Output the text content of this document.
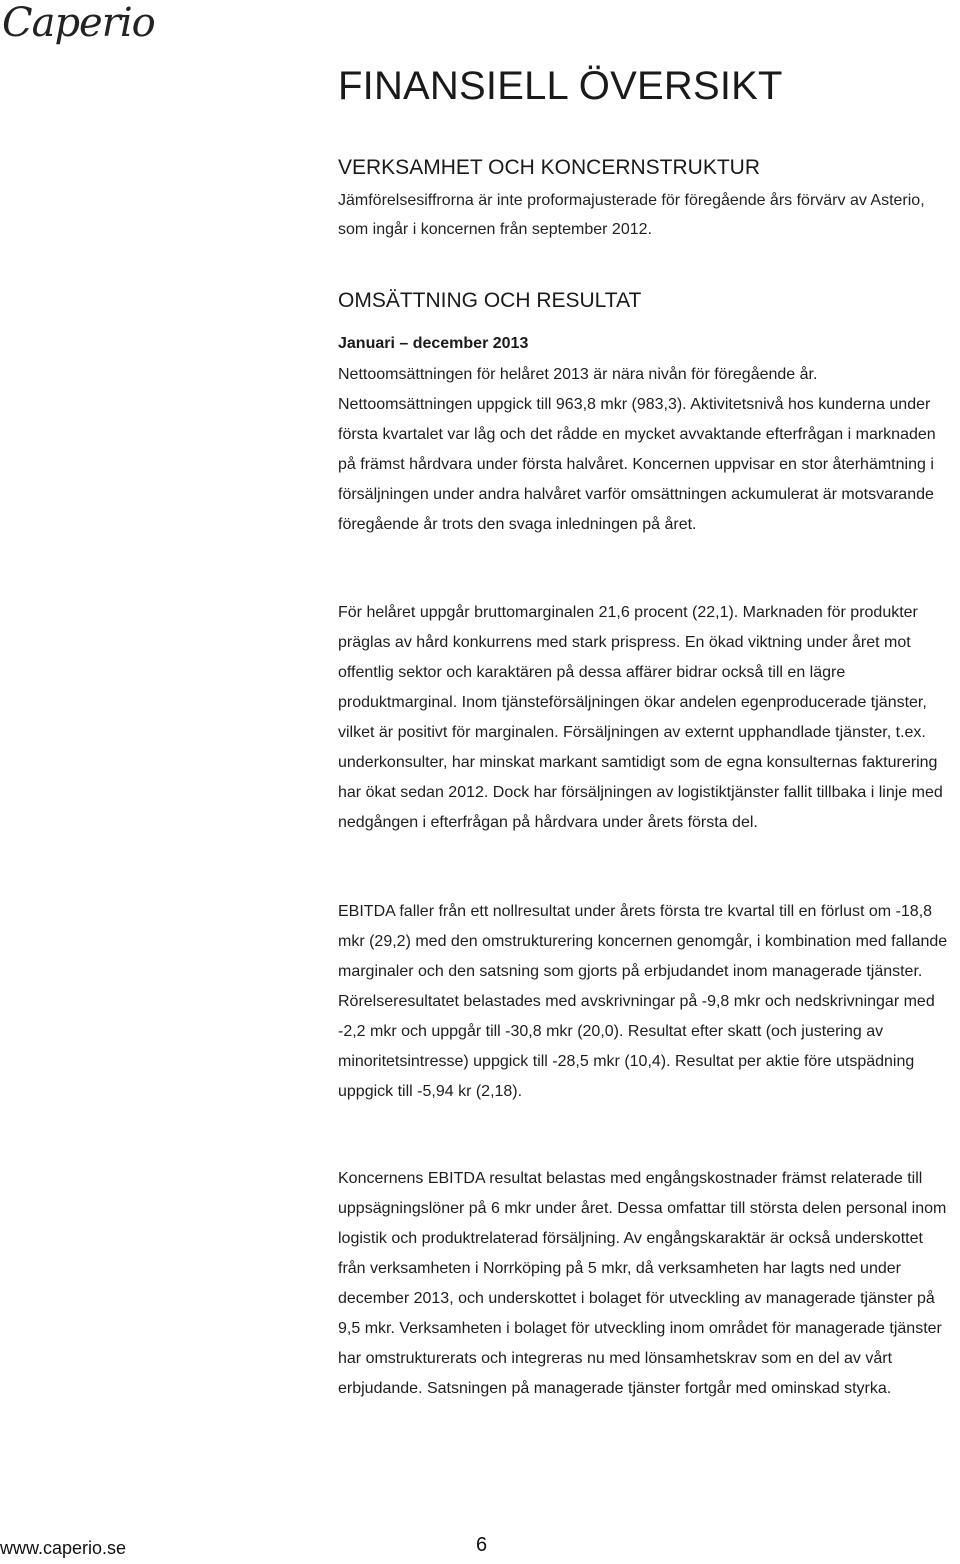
Caperio
FINANSIELL ÖVERSIKT
VERKSAMHET OCH KONCERNSTRUKTUR

Jämförelsesiffrorna är inte proformajusterade för föregående års förvärv av Asterio, som ingår i koncernen från september 2012.

OMSÄTTNING OCH RESULTAT

Januari – december 2013

Nettoomsättningen för helåret 2013 är nära nivån för föregående år. Nettoomsättningen uppgick till 963,8 mkr (983,3). Aktivitetsnivå hos kunderna under första kvartalet var låg och det rådde en mycket avvaktande efterfrågan i marknaden på främst hårdvara under första halvåret. Koncernen uppvisar en stor återhämtning i försäljningen under andra halvåret varför omsättningen ackumulerat är motsvarande föregående år trots den svaga inledningen på året.

För helåret uppgår bruttomarginalen 21,6 procent (22,1). Marknaden för produkter präglas av hård konkurrens med stark prispress. En ökad viktning under året mot offentlig sektor och karaktären på dessa affärer bidrar också till en lägre produktmarginal. Inom tjänsteförsäljningen ökar andelen egenproducerade tjänster, vilket är positivt för marginalen. Försäljningen av externt upphandlade tjänster, t.ex. underkonsulter, har minskat markant samtidigt som de egna konsulternas fakturering har ökat sedan 2012. Dock har försäljningen av logistiktjänster fallit tillbaka i linje med nedgången i efterfrågan på hårdvara under årets första del.

EBITDA faller från ett nollresultat under årets första tre kvartal till en förlust om -18,8 mkr (29,2) med den omstrukturering koncernen genomgår, i kombination med fallande marginaler och den satsning som gjorts på erbjudandet inom managerade tjänster. Rörelseresultatet belastades med avskrivningar på -9,8 mkr och nedskrivningar med -2,2 mkr och uppgår till -30,8 mkr (20,0). Resultat efter skatt (och justering av minoritetsintresse) uppgick till -28,5 mkr (10,4). Resultat per aktie före utspädning uppgick till -5,94 kr (2,18).

Koncernens EBITDA resultat belastas med engångskostnader främst relaterade till uppsägningslöner på 6 mkr under året. Dessa omfattar till största delen personal inom logistik och produktrelaterad försäljning. Av engångskaraktär är också underskottet från verksamheten i Norrköping på 5 mkr, då verksamheten har lagts ned under december 2013, och underskottet i bolaget för utveckling av managerade tjänster på 9,5 mkr. Verksamheten i bolaget för utveckling inom området för managerade tjänster har omstrukturerats och integreras nu med lönsamhetskrav som en del av vårt erbjudande. Satsningen på managerade tjänster fortgår med ominskad styrka.

www.caperio.se	6
